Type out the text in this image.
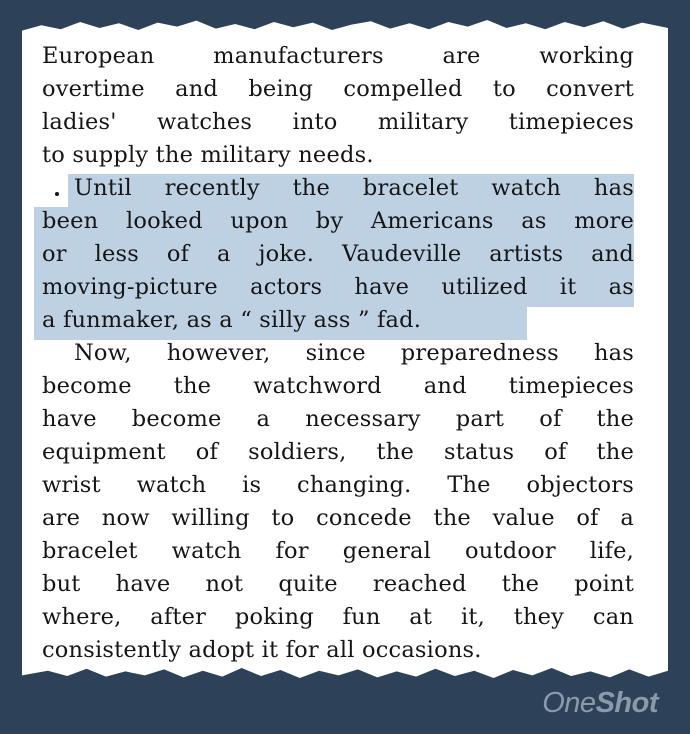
European manufacturers are working
overtime and being compelled to convert
ladies' watches into military timepieces
to supply the military needs.
Until recently the bracelet watch has
been looked upon by Americans as more
or less of a joke. Vaudeville artists and
moving-picture actors have utilized it as
a funmaker, as a “ silly ass ” fad.
Now, however, since preparedness has
become the watchword and timepieces
have become a necessary part of the
equipment of soldiers, the status of the
wrist watch is changing. The objectors
are now willing to concede the value of a
bracelet watch for general outdoor life,
but have not quite reached the point
where, after poking fun at it, they can
consistently adopt it for all occasions.
OneShot
